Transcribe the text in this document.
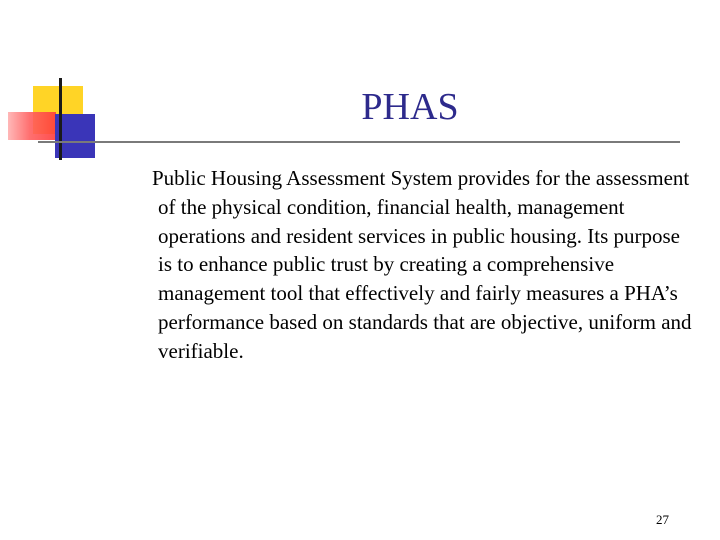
PHAS

Public Housing Assessment System provides for the assessment of the physical condition, financial health, management operations and resident services in public housing. Its purpose is to enhance public trust by creating a comprehensive management tool that effectively and fairly measures a PHA’s performance based on standards that are objective, uniform and verifiable.

27
